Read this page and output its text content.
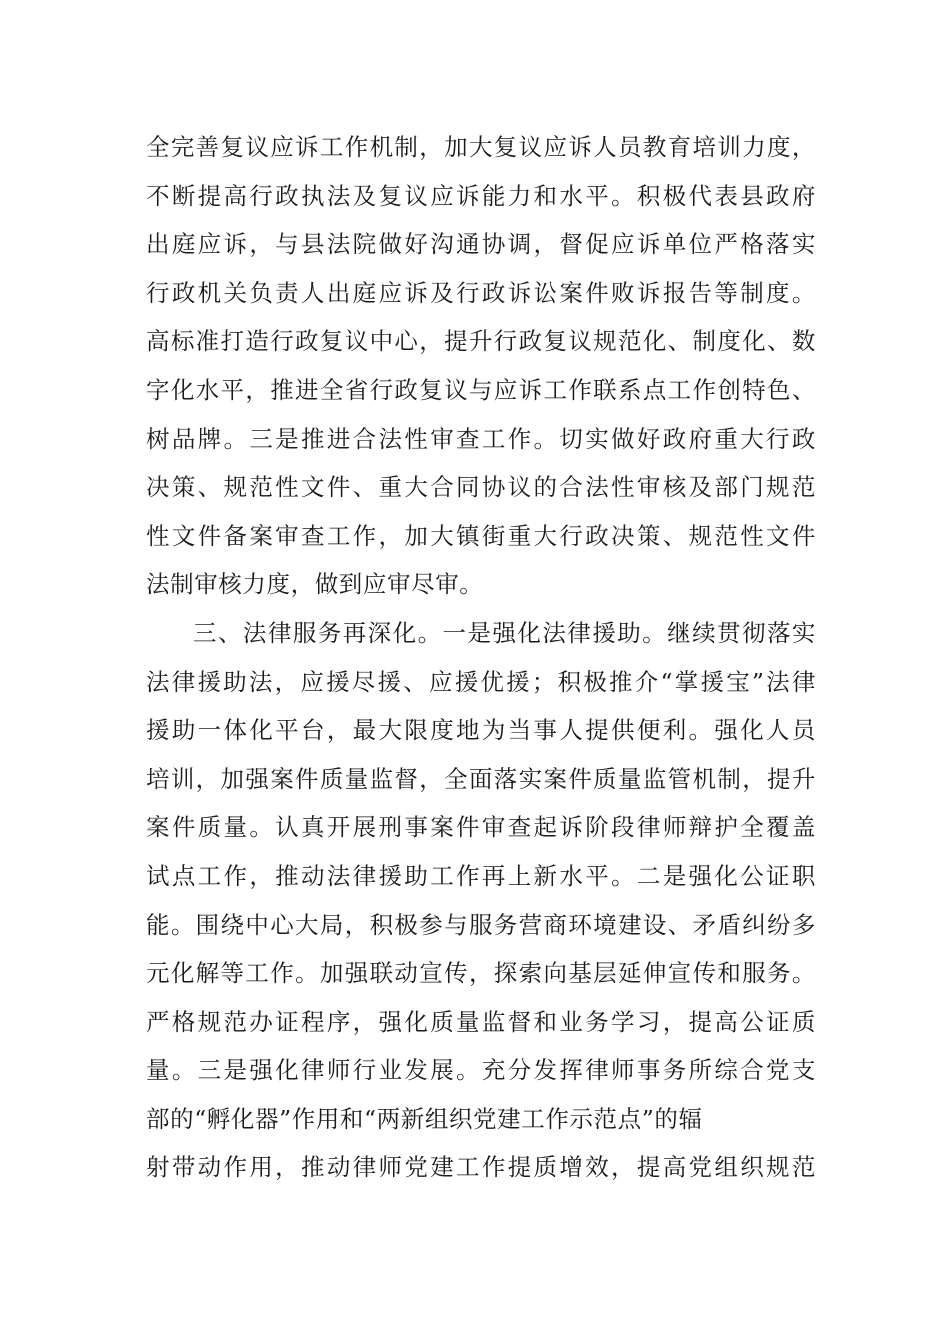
全完善复议应诉工作机制，加大复议应诉人员教育培训力度，
不断提高行政执法及复议应诉能力和水平。积极代表县政府
出庭应诉，与县法院做好沟通协调，督促应诉单位严格落实
行政机关负责人出庭应诉及行政诉讼案件败诉报告等制度。
高标准打造行政复议中心，提升行政复议规范化、制度化、数
字化水平，推进全省行政复议与应诉工作联系点工作创特色、
树品牌。三是推进合法性审查工作。切实做好政府重大行政
决策、规范性文件、重大合同协议的合法性审核及部门规范
性文件备案审查工作，加大镇街重大行政决策、规范性文件
法制审核力度，做到应审尽审。
三、法律服务再深化。一是强化法律援助。继续贯彻落实
法律援助法，应援尽援、应援优援；积极推介“掌援宝”法律
援助一体化平台，最大限度地为当事人提供便利。强化人员
培训，加强案件质量监督，全面落实案件质量监管机制，提升
案件质量。认真开展刑事案件审查起诉阶段律师辩护全覆盖
试点工作，推动法律援助工作再上新水平。二是强化公证职
能。围绕中心大局，积极参与服务营商环境建设、矛盾纠纷多
元化解等工作。加强联动宣传，探索向基层延伸宣传和服务。
严格规范办证程序，强化质量监督和业务学习，提高公证质
量。三是强化律师行业发展。充分发挥律师事务所综合党支
部的“孵化器”作用和“两新组织党建工作示范点”的辐
射带动作用，推动律师党建工作提质增效，提高党组织规范
